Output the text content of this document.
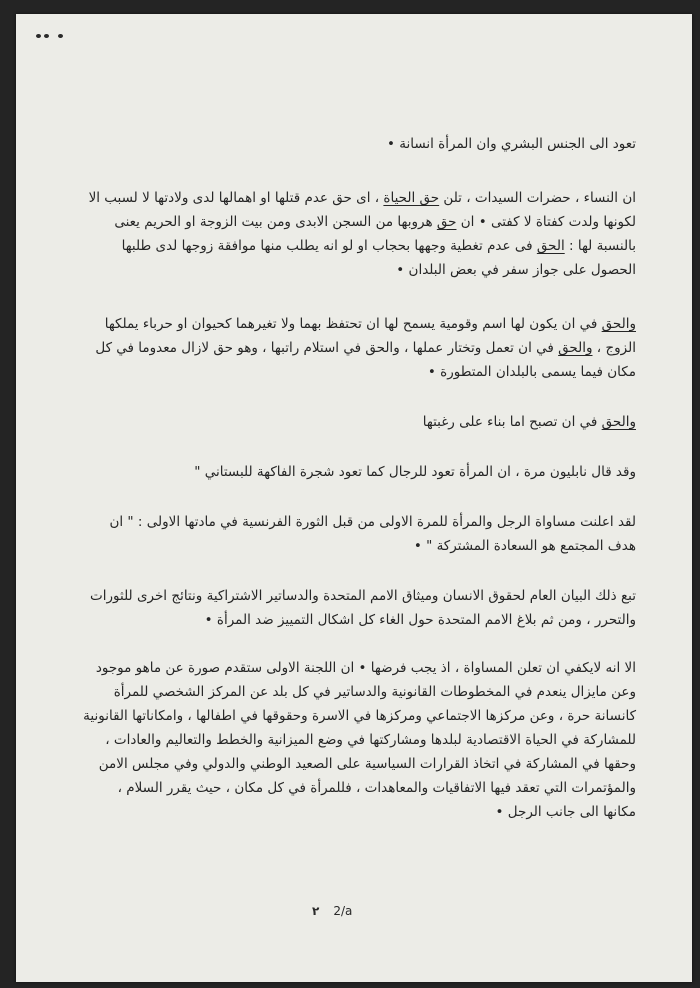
تعود الى الجنس البشري وان المرأة انسانة •

ان النساء ، حضرات السيدات ، تلن حق الحياة ، اى حق عدم قتلها او اهمالها لدى ولادتها لا لسبب الا لكونها ولدت كفتاة لا كفتى • ان حق هروبها من السجن الابدى ومن بيت الزوجة او الحريم يعنى بالنسبة لها : الحق فى عدم تغطية وجهها بحجاب او لو انه يطلب منها موافقة زوجها لدى طلبها الحصول على جواز سفر في بعض البلدان •

والحق في ان يكون لها اسم وقومية يسمح لها ان تحتفظ بهما ولا تغيرهما كحيوان او حرباء يملكها الزوج ، والحق في ان تعمل وتختار عملها ، والحق في استلام راتبها ، وهو حق لازال معدوما في كل مكان فيما يسمى بالبلدان المتطورة •

والحق في ان تصبح اما بناء على رغبتها

وقد قال نابليون مرة ، ان المرأة تعود للرجال كما تعود شجرة الفاكهة للبستاني "

لقد اعلنت مساواة الرجل والمرأة للمرة الاولى من قبل الثورة الفرنسية في مادتها الاولى : " ان هدف المجتمع هو السعادة المشتركة " •

تبع ذلك البيان العام لحقوق الانسان وميثاق الامم المتحدة والدساتير الاشتراكية ونتائج اخرى للثورات والتحرر ، ومن ثم بلاغ الامم المتحدة حول الغاء كل اشكال التمييز ضد المرأة •

الا انه لايكفي ان تعلن المساواة ، اذ يجب فرضها • ان اللجنة الاولى ستقدم صورة عن ماهو موجود وعن مايزال ينعدم في المخطوطات القانونية والدساتير في كل بلد عن المركز الشخصي للمرأة كانسانة حرة ، وعن مركزها الاجتماعي ومركزها في الاسرة وحقوقها في اطفالها ، وامكاناتها القانونية للمشاركة في الحياة الاقتصادية لبلدها ومشاركتها في وضع الميزانية والخطط والتعاليم والعادات ، وحقها في المشاركة في اتخاذ القرارات السياسية على الصعيد الوطني والدولي وفي مجلس الامن والمؤتمرات التي تعقد فيها الاتفاقيات والمعاهدات ، فللمرأة في كل مكان ، حيث يقرر السلام ، مكانها الى جانب الرجل •

٢ 2/a
